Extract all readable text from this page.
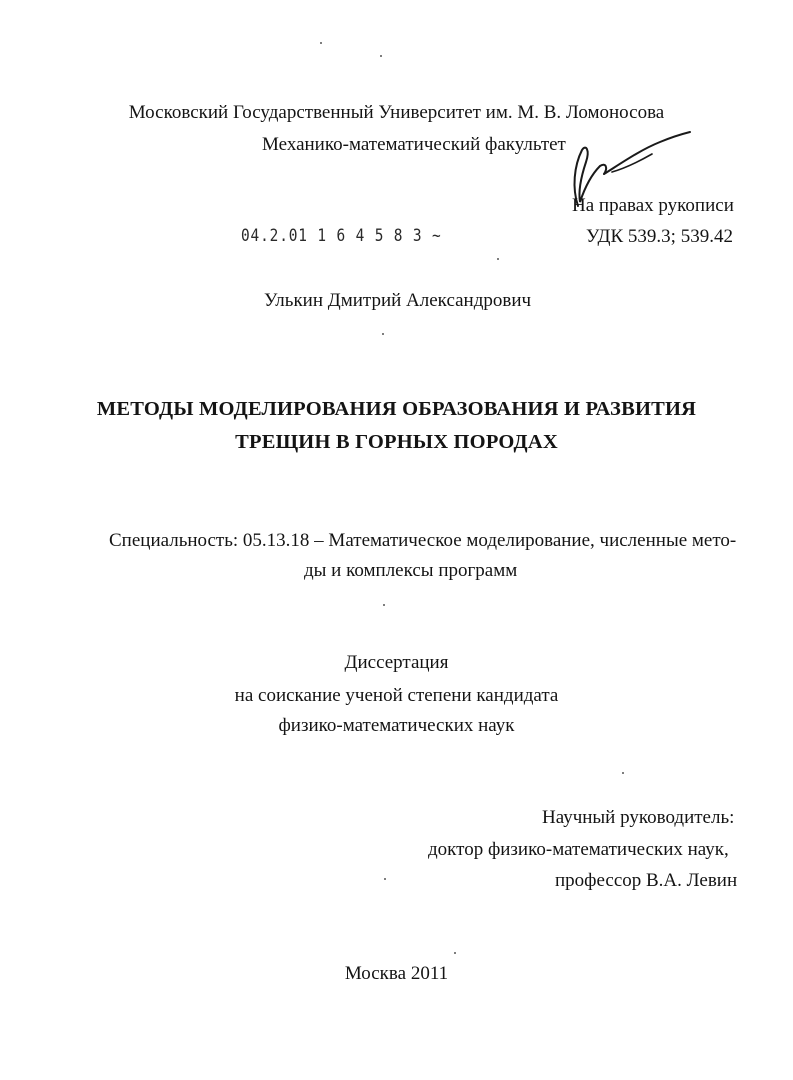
Московский Государственный Университет им. М. В. Ломоносова
Механико-математический факультет
На правах рукописи
04.2.01 1 6 4 5 8 3 ~	УДК 539.3; 539.42
Улькин Дмитрий Александрович
МЕТОДЫ МОДЕЛИРОВАНИЯ ОБРАЗОВАНИЯ И РАЗВИТИЯ
ТРЕЩИН В ГОРНЫХ ПОРОДАХ
Специальность: 05.13.18 – Математическое моделирование, численные мето-
ды и комплексы программ
Диссертация
на соискание ученой степени кандидата
физико-математических наук
Научный руководитель:
доктор физико-математических наук,
профессор В.А. Левин
Москва 2011
